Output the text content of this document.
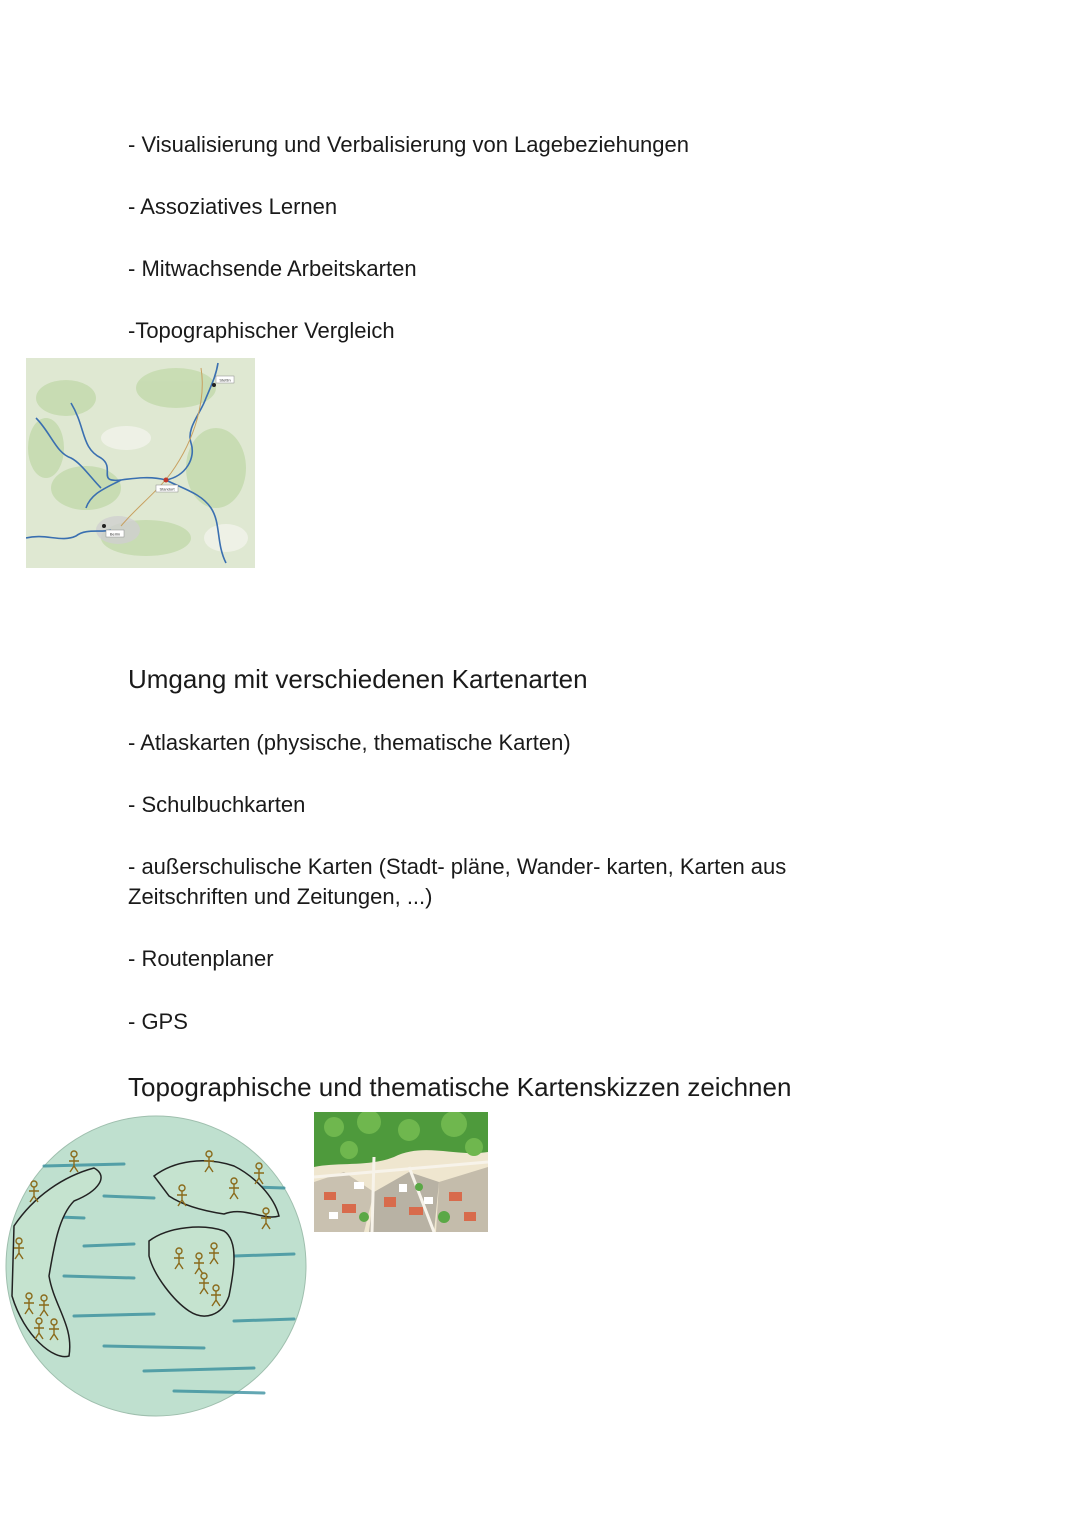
- Visualisierung und Verbalisierung von Lagebeziehungen
- Assoziatives Lernen
- Mitwachsende Arbeitskarten
-Topographischer Vergleich
Stettin
Standort
Berlin
Umgang mit verschiedenen Kartenarten
- Atlaskarten (physische, thematische Karten)
- Schulbuchkarten
- außerschulische Karten (Stadt- pläne, Wander- karten, Karten aus Zeitschriften und Zeitungen, ...)
- Routenplaner
- GPS
Topographische und thematische Kartenskizzen zeichnen
